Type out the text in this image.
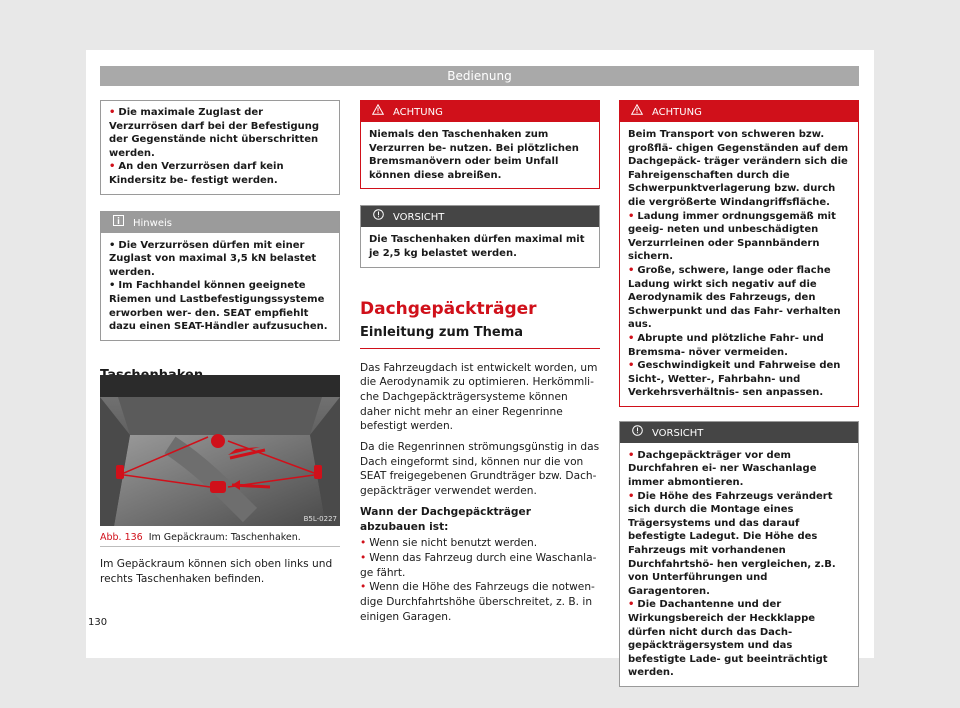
Bedienung

• Die maximale Zuglast der Verzurrösen darf bei der Befestigung der Gegenstände nicht überschritten werden.

• An den Verzurrösen darf kein Kindersitz be- festigt werden.

Hinweis

• Die Verzurrösen dürfen mit einer Zuglast von maximal 3,5 kN belastet werden.

• Im Fachhandel können geeignete Riemen und Lastbefestigungssysteme erworben wer- den. SEAT empfiehlt dazu einen SEAT-Händler aufzusuchen.

B5L-0227
Abb. 136 Im Gepäckraum: Taschenhaken.

Im Gepäckraum können sich oben links und rechts Taschenhaken befinden.

ACHTUNG

Niemals den Taschenhaken zum Verzurren be- nutzen. Bei plötzlichen Bremsmanövern oder beim Unfall können diese abreißen.

VORSICHT

Die Taschenhaken dürfen maximal mit je 2,5 kg belastet werden.

Dachgepäckträger
Einleitung zum Thema

Das Fahrzeugdach ist entwickelt worden, um die Aerodynamik zu optimieren. Herkömmli- che Dachgepäckträgersysteme können daher nicht mehr an einer Regenrinne befestigt werden.

Da die Regenrinnen strömungsgünstig in das Dach eingeformt sind, können nur die von SEAT freigegebenen Grundträger bzw. Dach- gepäckträger verwendet werden.

Wann der Dachgepäckträger abzubauen ist:

• Wenn sie nicht benutzt werden.

• Wenn das Fahrzeug durch eine Waschanla- ge fährt.

• Wenn die Höhe des Fahrzeugs die notwen- dige Durchfahrtshöhe überschreitet, z. B. in einigen Garagen.

ACHTUNG

Beim Transport von schweren bzw. großflä- chigen Gegenständen auf dem Dachgepäck- träger verändern sich die Fahreigenschaften durch die Schwerpunktverlagerung bzw. durch die vergrößerte Windangriffsfläche.

• Ladung immer ordnungsgemäß mit geeig- neten und unbeschädigten Verzurrleinen oder Spannbändern sichern.

• Große, schwere, lange oder flache Ladung wirkt sich negativ auf die Aerodynamik des Fahrzeugs, den Schwerpunkt und das Fahr- verhalten aus.

• Abrupte und plötzliche Fahr- und Bremsma- növer vermeiden.

• Geschwindigkeit und Fahrweise den Sicht-, Wetter-, Fahrbahn- und Verkehrsverhältnis- sen anpassen.

VORSICHT

• Dachgepäckträger vor dem Durchfahren ei- ner Waschanlage immer abmontieren.

• Die Höhe des Fahrzeugs verändert sich durch die Montage eines Trägersystems und das darauf befestigte Ladegut. Die Höhe des Fahrzeugs mit vorhandenen Durchfahrtshö- hen vergleichen, z.B. von Unterführungen und Garagentoren.

• Die Dachantenne und der Wirkungsbereich der Heckklappe dürfen nicht durch das Dach- gepäckträgersystem und das befestigte Lade- gut beeinträchtigt werden.

130
